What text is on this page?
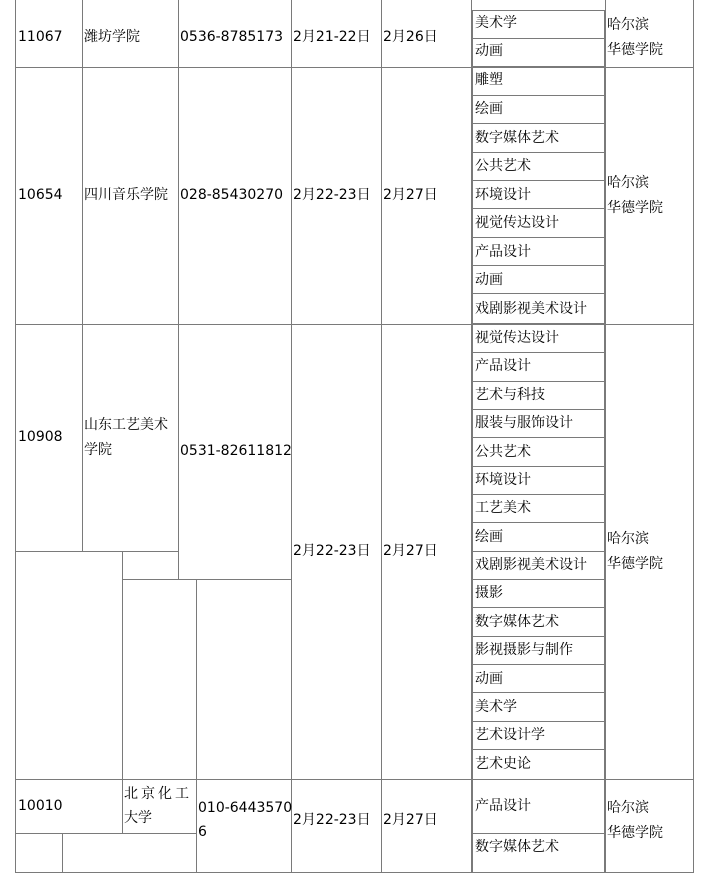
11067 潍坊学院	0536-8785173 2月21-22日 2月26日
美术学
动画
哈尔滨
华德学院
10654 四川音乐学院 028-85430270 2月22-23日 2月27日
雕塑
绘画
数字媒体艺术
公共艺术
环境设计
视觉传达设计
产品设计
动画
戏剧影视美术设计
哈尔滨
华德学院
10908
山东工艺美术
学院	0531-82611812
2月22-23日 2月27日
视觉传达设计
产品设计
艺术与科技
服装与服饰设计
公共艺术
环境设计
工艺美术
绘画
戏剧影视美术设计
摄影
数字媒体艺术
影视摄影与制作
动画
美术学
艺术设计学
艺术史论
哈尔滨
华德学院
10010
北京化工
大学
010-6443570
6
2月22-23日 2月27日
产品设计
数字媒体艺术
哈尔滨
华德学院
